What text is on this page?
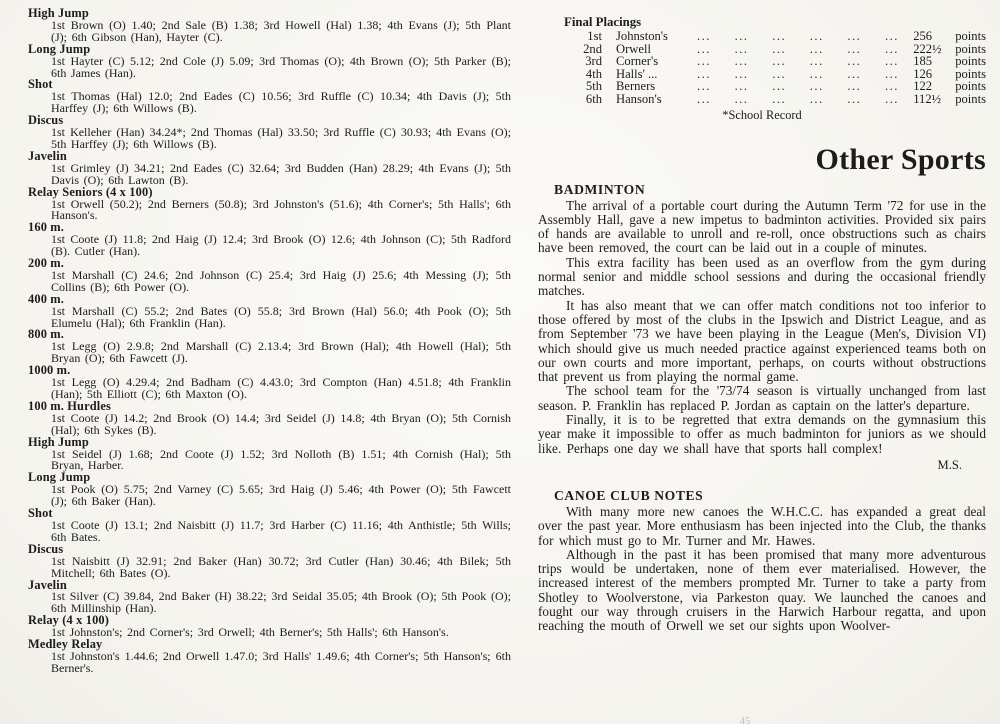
High Jump

1st Brown (O) 1.40; 2nd Sale (B) 1.38; 3rd Howell (Hal) 1.38; 4th Evans (J); 5th Plant (J); 6th Gibson (Han), Hayter (C).

Long Jump

1st Hayter (C) 5.12; 2nd Cole (J) 5.09; 3rd Thomas (O); 4th Brown (O); 5th Parker (B); 6th James (Han).

Shot

1st Thomas (Hal) 12.0; 2nd Eades (C) 10.56; 3rd Ruffle (C) 10.34; 4th Davis (J); 5th Harffey (J); 6th Willows (B).

Discus

1st Kelleher (Han) 34.24*; 2nd Thomas (Hal) 33.50; 3rd Ruffle (C) 30.93; 4th Evans (O); 5th Harffey (J); 6th Willows (B).

Javelin

1st Grimley (J) 34.21; 2nd Eades (C) 32.64; 3rd Budden (Han) 28.29; 4th Evans (J); 5th Davis (O); 6th Lawton (B).

Relay Seniors (4 x 100)

1st Orwell (50.2); 2nd Berners (50.8); 3rd Johnston's (51.6); 4th Corner's; 5th Halls'; 6th Hanson's.

160 m.

1st Coote (J) 11.8; 2nd Haig (J) 12.4; 3rd Brook (O) 12.6; 4th Johnson (C); 5th Radford (B). Cutler (Han).

200 m.

1st Marshall (C) 24.6; 2nd Johnson (C) 25.4; 3rd Haig (J) 25.6; 4th Messing (J); 5th Collins (B); 6th Power (O).

400 m.

1st Marshall (C) 55.2; 2nd Bates (O) 55.8; 3rd Brown (Hal) 56.0; 4th Pook (O); 5th Elumelu (Hal); 6th Franklin (Han).

800 m.

1st Legg (O) 2.9.8; 2nd Marshall (C) 2.13.4; 3rd Brown (Hal); 4th Howell (Hal); 5th Bryan (O); 6th Fawcett (J).

1000 m.

1st Legg (O) 4.29.4; 2nd Badham (C) 4.43.0; 3rd Compton (Han) 4.51.8; 4th Franklin (Han); 5th Elliott (C); 6th Maxton (O).

100 m. Hurdles

1st Coote (J) 14.2; 2nd Brook (O) 14.4; 3rd Seidel (J) 14.8; 4th Bryan (O); 5th Cornish (Hal); 6th Sykes (B).

High Jump

1st Seidel (J) 1.68; 2nd Coote (J) 1.52; 3rd Nolloth (B) 1.51; 4th Cornish (Hal); 5th Bryan, Harber.

Long Jump

1st Pook (O) 5.75; 2nd Varney (C) 5.65; 3rd Haig (J) 5.46; 4th Power (O); 5th Fawcett (J); 6th Baker (Han).

Shot

1st Coote (J) 13.1; 2nd Naisbitt (J) 11.7; 3rd Harber (C) 11.16; 4th Anthistle; 5th Wills; 6th Bates.

Discus

1st Naisbitt (J) 32.91; 2nd Baker (Han) 30.72; 3rd Cutler (Han) 30.46; 4th Bilek; 5th Mitchell; 6th Bates (O).

Javelin

1st Silver (C) 39.84, 2nd Baker (H) 38.22; 3rd Seidal 35.05; 4th Brook (O); 5th Pook (O); 6th Millinship (Han).

Relay (4 x 100)

1st Johnston's; 2nd Corner's; 3rd Orwell; 4th Berner's; 5th Halls'; 6th Hanson's.

Medley Relay

1st Johnston's 1.44.6; 2nd Orwell 1.47.0; 3rd Halls' 1.49.6; 4th Corner's; 5th Hanson's; 6th Berner's.

Final Placings
1st	Johnston's	... ... ... ... ... ...	256	points
2nd	Orwell	... ... ... ... ... ...	222½	points
3rd	Corner's	... ... ... ... ... ...	185	points
4th	Halls' ...	... ... ... ... ... ...	126	points
5th	Berners	... ... ... ... ... ...	122	points
6th	Hanson's	... ... ... ... ... ...	112½	points

*School Record

Other Sports
BADMINTON

The arrival of a portable court during the Autumn Term '72 for use in the Assembly Hall, gave a new impetus to badminton activities. Provided six pairs of hands are available to unroll and re-roll, once obstructions such as chairs have been removed, the court can be laid out in a couple of minutes.

This extra facility has been used as an overflow from the gym during normal senior and middle school sessions and during the occasional friendly matches.

It has also meant that we can offer match conditions not too inferior to those offered by most of the clubs in the Ipswich and District League, and as from September '73 we have been playing in the League (Men's, Division VI) which should give us much needed practice against experienced teams both on our own courts and more important, perhaps, on courts without obstructions that prevent us from playing the normal game.

The school team for the '73/74 season is virtually unchanged from last season. P. Franklin has replaced P. Jordan as captain on the latter's departure.

Finally, it is to be regretted that extra demands on the gymnasium this year make it impossible to offer as much badminton for juniors as we should like. Perhaps one day we shall have that sports hall complex!

M.S.

CANOE CLUB NOTES

With many more new canoes the W.H.C.C. has expanded a great deal over the past year. More enthusiasm has been injected into the Club, the thanks for which must go to Mr. Turner and Mr. Hawes.

Although in the past it has been promised that many more adventurous trips would be undertaken, none of them ever materialised. However, the increased interest of the members prompted Mr. Turner to take a party from Shotley to Woolverstone, via Parkeston quay. We launched the canoes and fought our way through cruisers in the Harwich Harbour regatta, and upon reaching the mouth of Orwell we set our sights upon Woolver-

45
